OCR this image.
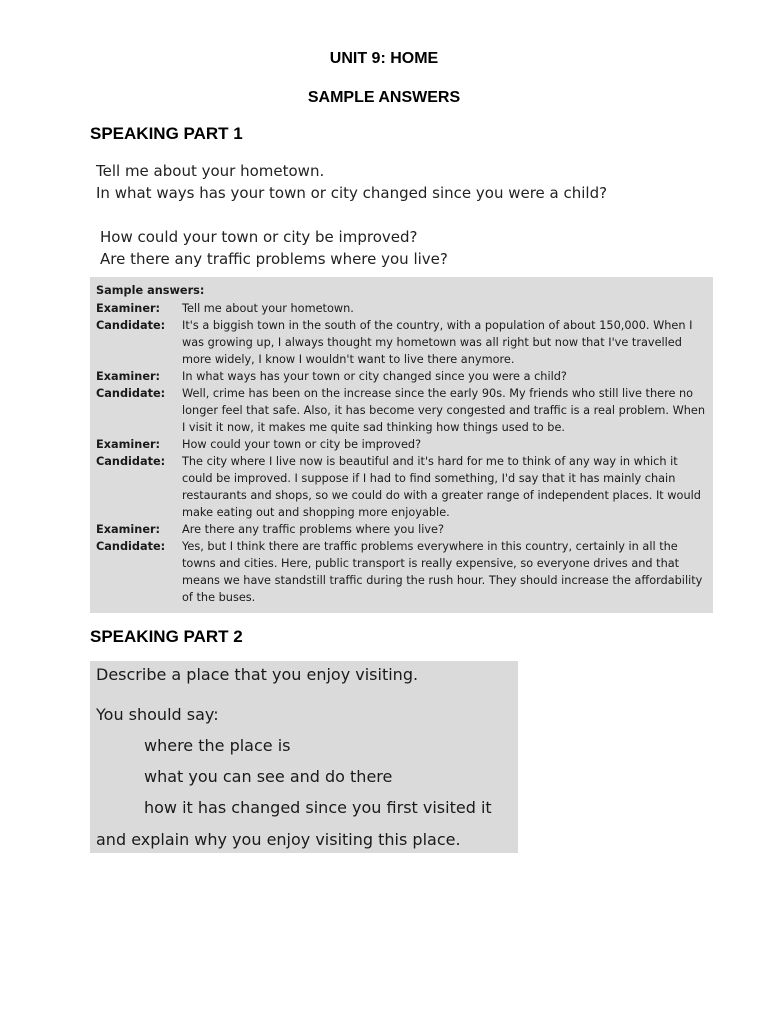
UNIT 9: HOME
SAMPLE ANSWERS
SPEAKING PART 1
Tell me about your hometown.
In what ways has your town or city changed since you were a child?
How could your town or city be improved?
Are there any traffic problems where you live?
Sample answers:
Examiner:	Tell me about your hometown.
Candidate:	It's a biggish town in the south of the country, with a population of about 150,000. When I was growing up, I always thought my hometown was all right but now that I've travelled more widely, I know I wouldn't want to live there anymore.
Examiner:	In what ways has your town or city changed since you were a child?
Candidate:	Well, crime has been on the increase since the early 90s. My friends who still live there no longer feel that safe. Also, it has become very congested and traffic is a real problem. When I visit it now, it makes me quite sad thinking how things used to be.
Examiner:	How could your town or city be improved?
Candidate:	The city where I live now is beautiful and it's hard for me to think of any way in which it could be improved. I suppose if I had to find something, I'd say that it has mainly chain restaurants and shops, so we could do with a greater range of independent places. It would make eating out and shopping more enjoyable.
Examiner:	Are there any traffic problems where you live?
Candidate:	Yes, but I think there are traffic problems everywhere in this country, certainly in all the towns and cities. Here, public transport is really expensive, so everyone drives and that means we have standstill traffic during the rush hour. They should increase the affordability of the buses.
SPEAKING PART 2
Describe a place that you enjoy visiting.
You should say:
where the place is
what you can see and do there
how it has changed since you first visited it
and explain why you enjoy visiting this place.
